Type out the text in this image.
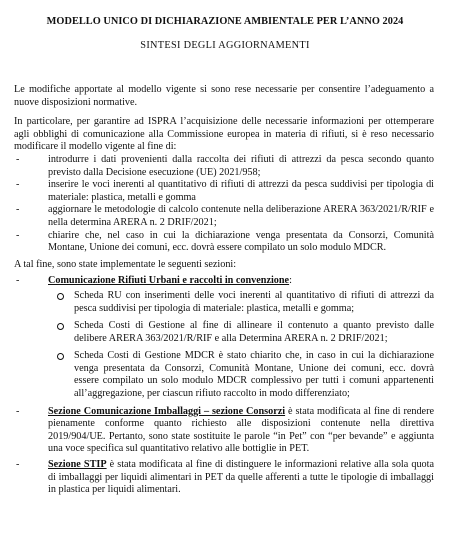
MODELLO UNICO DI DICHIARAZIONE AMBIENTALE PER L’ANNO 2024
SINTESI DEGLI AGGIORNAMENTI

Le modifiche apportate al modello vigente si sono rese necessarie per consentire l’adeguamento a nuove disposizioni normative.

In particolare, per garantire ad ISPRA l’acquisizione delle necessarie informazioni per ottemperare agli obblighi di comunicazione alla Commissione europea in materia di rifiuti, si è reso necessario modificare il modello vigente al fine di:

- introdurre i dati provenienti dalla raccolta dei rifiuti di attrezzi da pesca secondo quanto previsto dalla Decisione esecuzione (UE) 2021/958;
- inserire le voci inerenti al quantitativo di rifiuti di attrezzi da pesca suddivisi per tipologia di materiale: plastica, metalli e gomma
- aggiornare le metodologie di calcolo contenute nella deliberazione ARERA 363/2021/R/RIF e nella determina ARERA n. 2 DRIF/2021;
- chiarire che, nel caso in cui la dichiarazione venga presentata da Consorzi, Comunità Montane, Unione dei comuni, ecc. dovrà essere compilato un solo modulo MDCR.

A tal fine, sono state implementate le seguenti sezioni:

- Comunicazione Rifiuti Urbani e raccolti in convenzione:
Scheda RU con inserimenti delle voci inerenti al quantitativo di rifiuti di attrezzi da pesca suddivisi per tipologia di materiale: plastica, metalli e gomma;
Scheda Costi di Gestione al fine di allineare il contenuto a quanto previsto dalle delibere ARERA 363/2021/R/RIF e alla Determina ARERA n. 2 DRIF/2021;
Scheda Costi di Gestione MDCR è stato chiarito che, in caso in cui la dichiarazione venga presentata da Consorzi, Comunità Montane, Unione dei comuni, ecc. dovrà essere compilato un solo modulo MDCR complessivo per tutti i comuni appartenenti all’aggregazione, per ciascun rifiuto raccolto in modo differenziato;
- Sezione Comunicazione Imballaggi – sezione Consorzi è stata modificata al fine di rendere pienamente conforme quanto richiesto alle disposizioni contenute nella direttiva 2019/904/UE. Pertanto, sono state sostituite le parole “in Pet” con “per bevande” e aggiunta una voce specifica sul quantitativo relativo alle bottiglie in PET.
- Sezione STIP è stata modificata al fine di distinguere le informazioni relative alla sola quota di imballaggi per liquidi alimentari in PET da quelle afferenti a tutte le tipologie di imballaggi in plastica per liquidi alimentari.
